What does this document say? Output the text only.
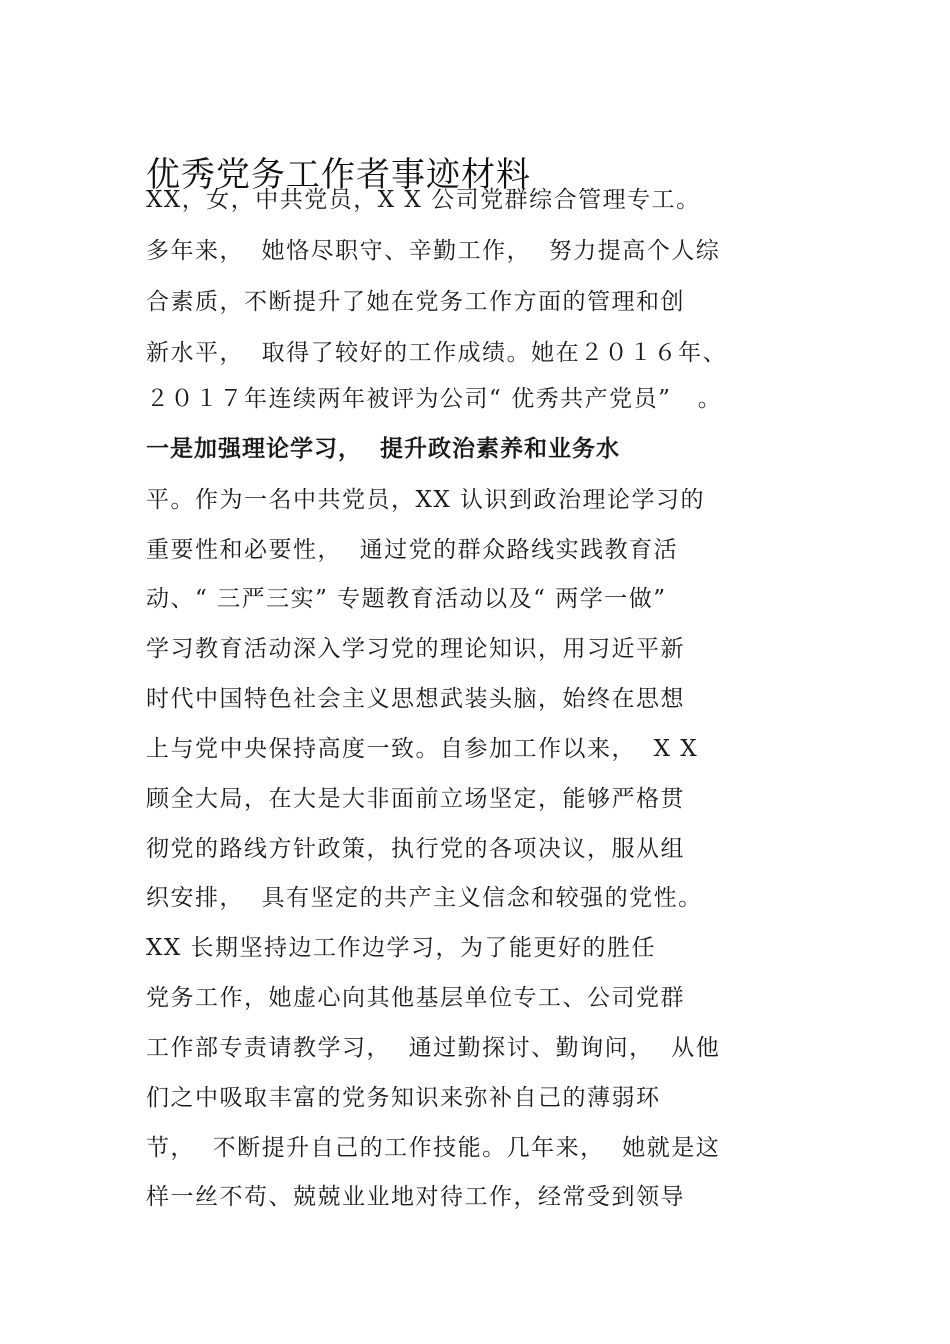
优秀党务工作者事迹材料
XX，女，中共党员，X X 公司党群综合管理专工。
多年来，  她恪尽职守、辛勤工作，  努力提高个人综
合素质，不断提升了她在党务工作方面的管理和创
新水平，  取得了较好的工作成绩。她在２０１６年、
２０１７年连续两年被评为公司“ 优秀共产党员”   。
一是加强理论学习，  提升政治素养和业务水
平。作为一名中共党员，XX 认识到政治理论学习的
重要性和必要性，  通过党的群众路线实践教育活
动、“ 三严三实” 专题教育活动以及“ 两学一做”
学习教育活动深入学习党的理论知识，用习近平新
时代中国特色社会主义思想武装头脑，始终在思想
上与党中央保持高度一致。自参加工作以来，  X X
顾全大局，在大是大非面前立场坚定，能够严格贯
彻党的路线方针政策，执行党的各项决议，服从组
织安排，  具有坚定的共产主义信念和较强的党性。
XX 长期坚持边工作边学习，为了能更好的胜任
党务工作，她虚心向其他基层单位专工、公司党群
工作部专责请教学习，  通过勤探讨、勤询问，  从他
们之中吸取丰富的党务知识来弥补自己的薄弱环
节，  不断提升自己的工作技能。几年来，  她就是这
样一丝不苟、兢兢业业地对待工作，经常受到领导
